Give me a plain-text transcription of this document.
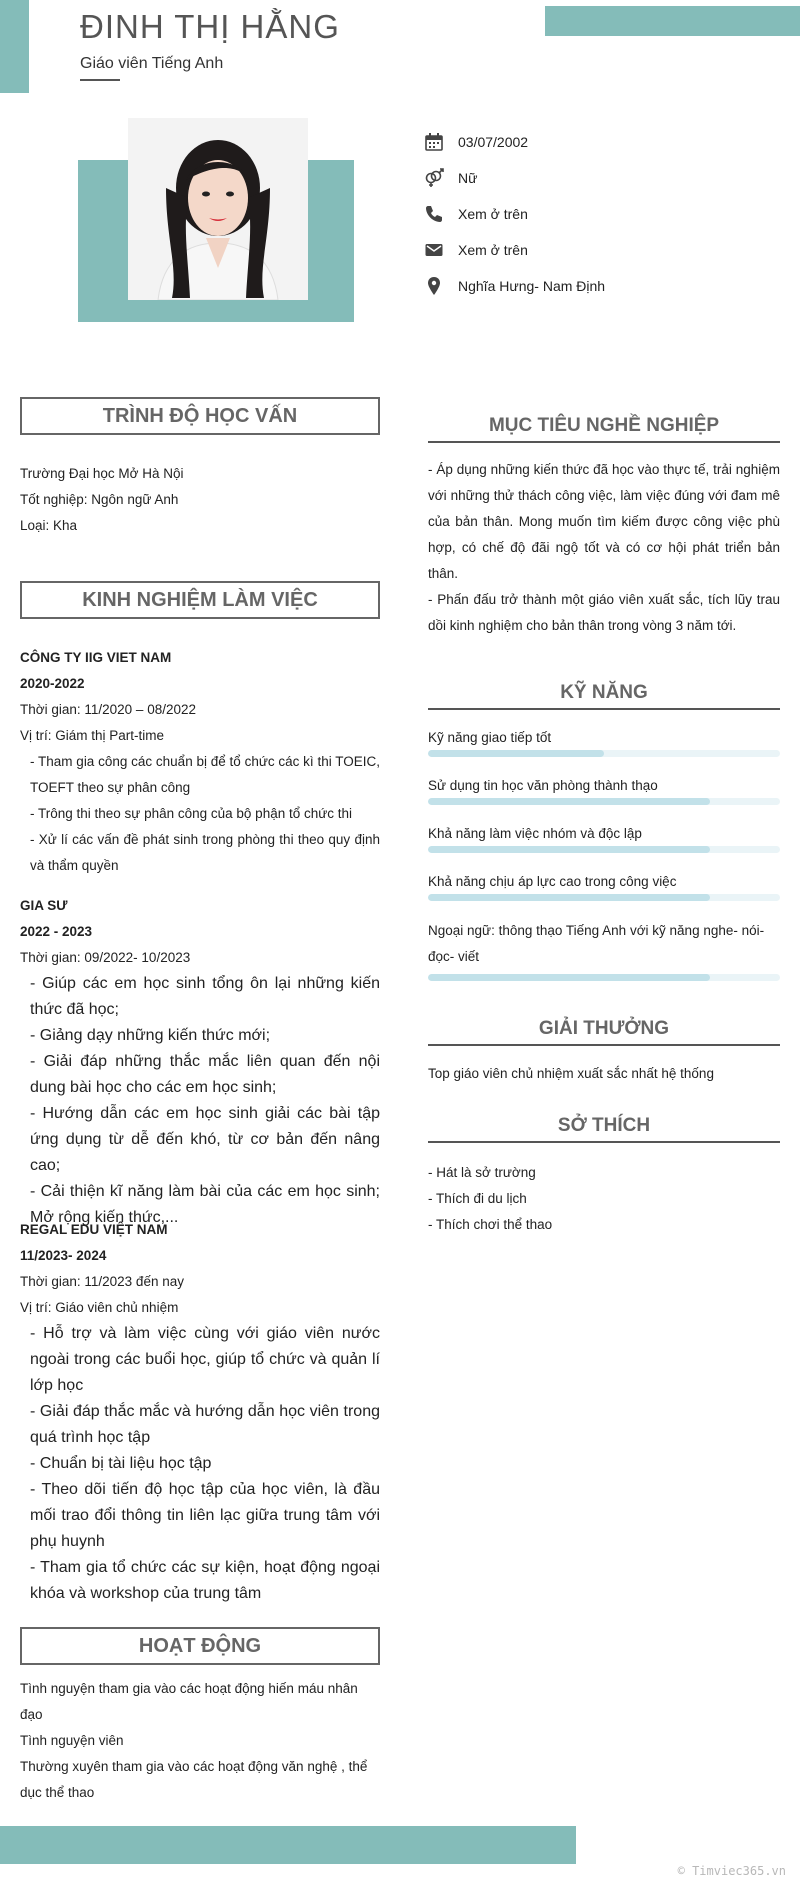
ĐINH THỊ HẰNG
Giáo viên Tiếng Anh
03/07/2002
Nữ
Xem ở trên
Xem ở trên
Nghĩa Hưng- Nam Định
TRÌNH ĐỘ HỌC VẤN
Trường Đại học Mở Hà Nội
Tốt nghiệp: Ngôn ngữ Anh
Loại: Kha
KINH NGHIỆM LÀM VIỆC
CÔNG TY IIG VIET NAM
2020-2022
Thời gian: 11/2020 – 08/2022
Vị trí: Giám thị Part-time
- Tham gia công các chuẩn bị để tổ chức các kì thi TOEIC, TOEFT theo sự phân công
- Trông thi theo sự phân công của bộ phận tổ chức thi
- Xử lí các vấn đề phát sinh trong phòng thi theo quy định và thẩm quyền
GIA SƯ
2022 - 2023
Thời gian: 09/2022- 10/2023
- Giúp các em học sinh tổng ôn lại những kiến thức đã học;
- Giảng dạy những kiến thức mới;
- Giải đáp những thắc mắc liên quan đến nội dung bài học cho các em học sinh;
- Hướng dẫn các em học sinh giải các bài tập ứng dụng từ dễ đến khó, từ cơ bản đến nâng cao;
- Cải thiện kĩ năng làm bài của các em học sinh; Mở rộng kiến thức,...
REGAL EDU VIỆT NAM
11/2023- 2024
Thời gian: 11/2023 đến nay
Vị trí: Giáo viên chủ nhiệm
- Hỗ trợ và làm việc cùng với giáo viên nước ngoài trong các buổi học, giúp tổ chức và quản lí lớp học
- Giải đáp thắc mắc và hướng dẫn học viên trong quá trình học tập
- Chuẩn bị tài liệu học tập
- Theo dõi tiến độ học tập của học viên, là đầu mối trao đổi thông tin liên lạc giữa trung tâm với phụ huynh
- Tham gia tổ chức các sự kiện, hoạt động ngoại khóa và workshop của trung tâm
HOẠT ĐỘNG
Tình nguyện tham gia vào các hoạt động hiến máu nhân đạo
Tình nguyện viên
Thường xuyên tham gia vào các hoạt động văn nghệ , thể dục thể thao
MỤC TIÊU NGHỀ NGHIỆP
- Áp dụng những kiến thức đã học vào thực tế, trải nghiệm với những thử thách công việc, làm việc đúng với đam mê của bản thân. Mong muốn tìm kiếm được công việc phù hợp, có chế độ đãi ngộ tốt và có cơ hội phát triển bản thân.
- Phấn đấu trở thành một giáo viên xuất sắc, tích lũy trau dồi kinh nghiệm cho bản thân trong vòng 3 năm tới.
KỸ NĂNG
Kỹ năng giao tiếp tốt
Sử dụng tin học văn phòng thành thạo
Khả năng làm việc nhóm và độc lập
Khả năng chịu áp lực cao trong công việc
Ngoại ngữ: thông thạo Tiếng Anh với kỹ năng nghe- nói-đọc- viết
GIẢI THƯỞNG
Top giáo viên chủ nhiệm xuất sắc nhất hệ thống
SỞ THÍCH
- Hát là sở trường
- Thích đi du lịch
- Thích chơi thể thao
© Timviec365.vn
